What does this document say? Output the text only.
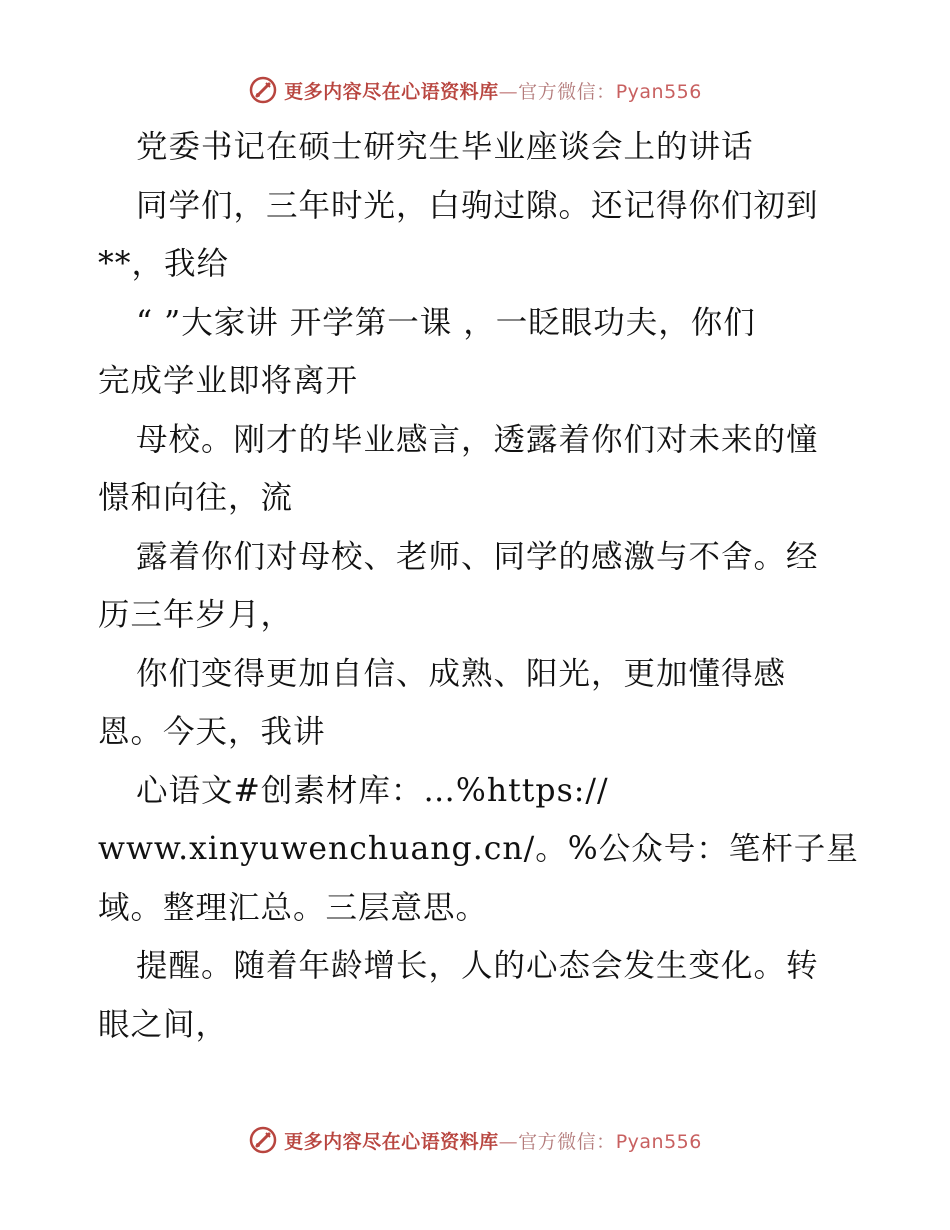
更多内容尽在心语资料库—官方微信：Pyan556
党委书记在硕士研究生毕业座谈会上的讲话
同学们，三年时光，白驹过隙。还记得你们初到
**，我给
“ ”大家讲 开学第一课 ，一眨眼功夫，你们
完成学业即将离开
母校。刚才的毕业感言，透露着你们对未来的憧
憬和向往，流
露着你们对母校、老师、同学的感激与不舍。经
历三年岁月，
你们变得更加自信、成熟、阳光，更加懂得感
恩。今天，我讲
心语文#创素材库：…%https://
www.xinyuwenchuang.cn/。%公众号：笔杆子星
域。整理汇总。三层意思。
提醒。随着年龄增长，人的心态会发生变化。转
眼之间，
更多内容尽在心语资料库—官方微信：Pyan556
